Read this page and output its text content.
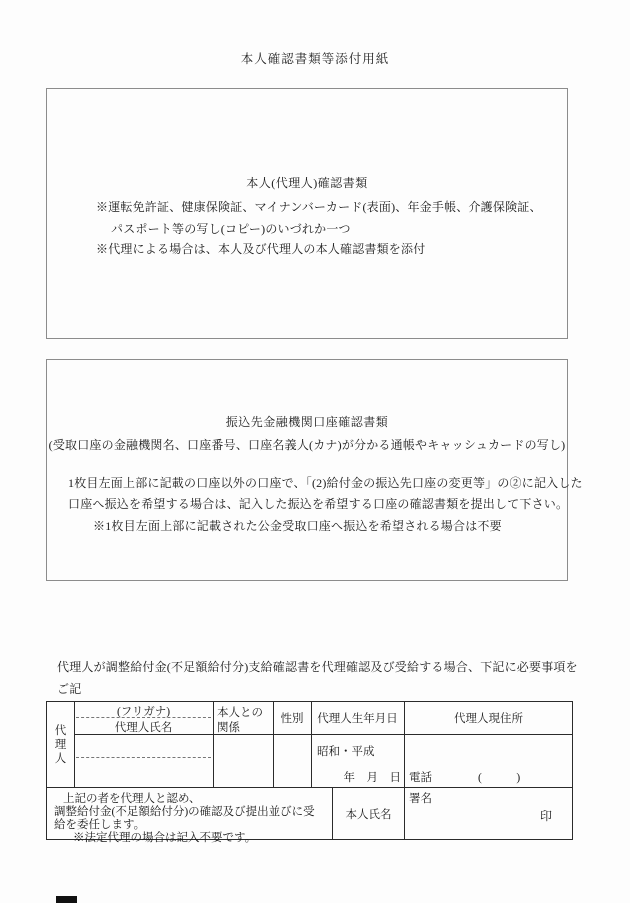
本人確認書類等添付用紙
本人(代理人)確認書類
※運転免許証、健康保険証、マイナンバーカード(表面)、年金手帳、介護保険証、
パスポート等の写し(コピー)のいづれか一つ
※代理による場合は、本人及び代理人の本人確認書類を添付
振込先金融機関口座確認書類
(受取口座の金融機関名、口座番号、口座名義人(カナ)が分かる通帳やキャッシュカードの写し)
1枚目左面上部に記載の口座以外の口座で、「(2)給付金の振込先口座の変更等」の②に記入した
口座へ振込を希望する場合は、記入した振込を希望する口座の確認書類を提出して下さい。
※1枚目左面上部に記載された公金受取口座へ振込を希望される場合は不要
代理人が調整給付金(不足額給付分)支給確認書を代理確認及び受給する場合、下記に必要事項をご記
代理人
(フリガナ)
代理人氏名
本人との
関係
性別	代理人生年月日	代理人現住所
昭和・平成
年　月　日 電話　　　　(　　　)
上記の者を代理人と認め、
調整給付金(不足額給付分)の確認及び提出並びに受
給を委任します。
※法定代理の場合は記入不要です。
本人氏名
署名
印
